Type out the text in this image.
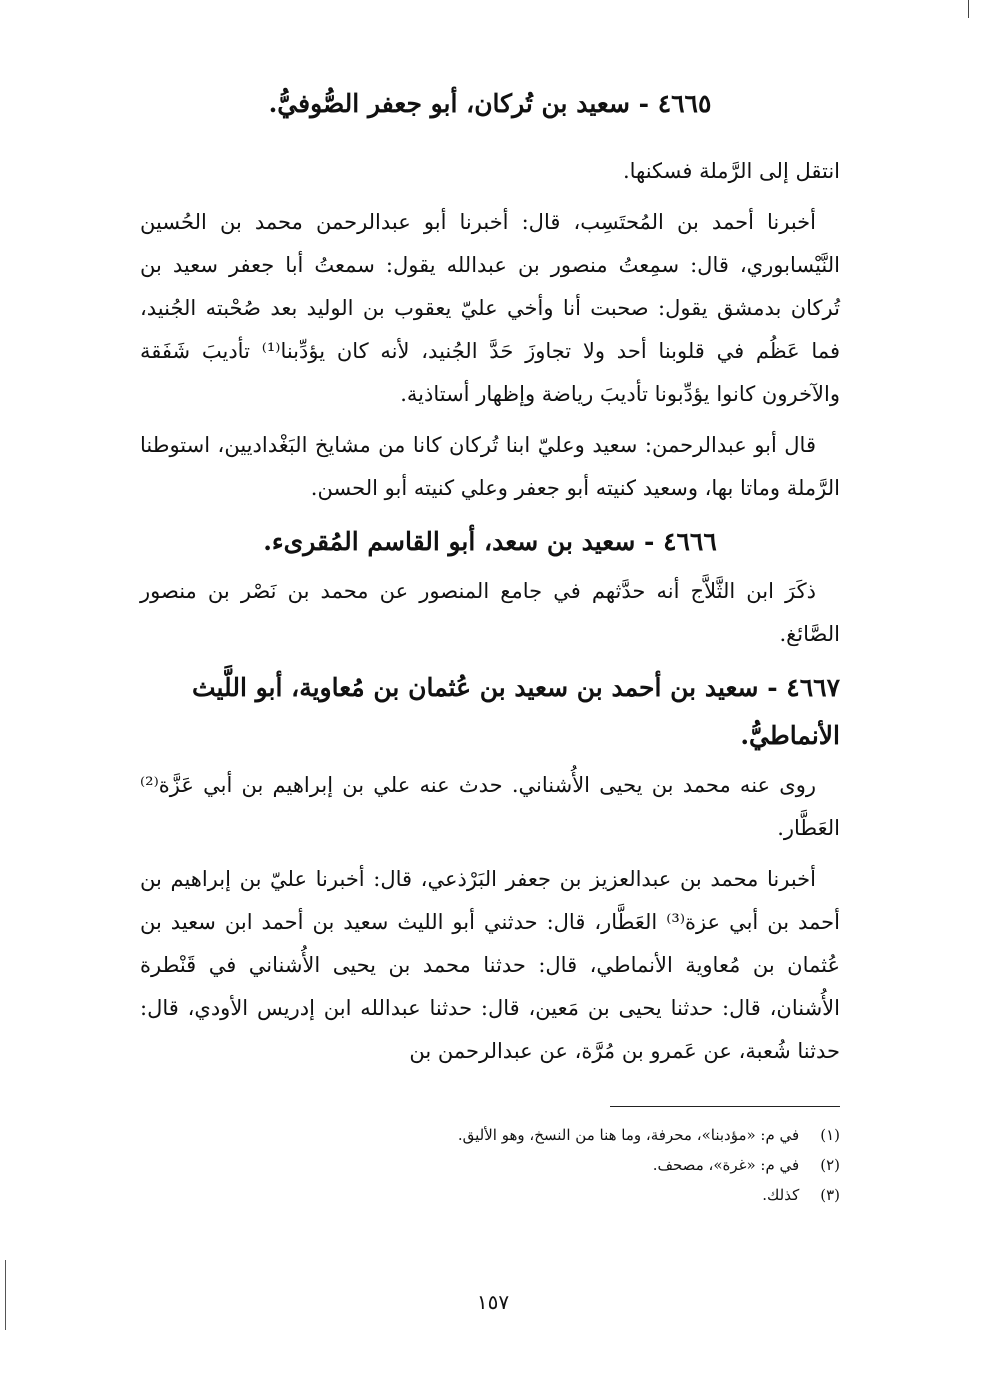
٤٦٦٥ - سعيد بن تُركان، أبو جعفر الصُّوفيُّ.

انتقل إلى الرَّملة فسكنها.

أخبرنا أحمد بن المُحتَسِب، قال: أخبرنا أبو عبدالرحمن محمد بن الحُسين النَّيْسابوري، قال: سمِعتُ منصور بن عبدالله يقول: سمعتُ أبا جعفر سعيد بن تُركان بدمشق يقول: صحبت أنا وأخي عليّ يعقوب بن الوليد بعد صُحْبته الجُنيد، فما عَظُم في قلوبنا أحد ولا تجاوزَ حَدَّ الجُنيد، لأنه كان يؤدِّبنا⁽¹⁾ تأديبَ شَفَقة والآخرون كانوا يؤدِّبونا تأديبَ رياضة وإظهار أستاذية.

قال أبو عبدالرحمن: سعيد وعليّ ابنا تُركان كانا من مشايخ البَغْداديين، استوطنا الرَّملة وماتا بها، وسعيد كنيته أبو جعفر وعلي كنيته أبو الحسن.

٤٦٦٦ - سعيد بن سعد، أبو القاسم المُقرىء.

ذكَرَ ابن الثَّلاَّج أنه حدَّثهم في جامع المنصور عن محمد بن نَصْر بن منصور الصَّائغ.

٤٦٦٧ - سعيد بن أحمد بن سعيد بن عُثمان بن مُعاوية، أبو اللَّيث الأنماطيُّ.

روى عنه محمد بن يحيى الأُشناني. حدث عنه علي بن إبراهيم بن أبي عَزَّة⁽²⁾ العَطَّار.

أخبرنا محمد بن عبدالعزيز بن جعفر البَرْذعي، قال: أخبرنا عليّ بن إبراهيم بن أحمد بن أبي عزة⁽³⁾ العَطَّار، قال: حدثني أبو الليث سعيد بن أحمد ابن سعيد بن عُثمان بن مُعاوية الأنماطي، قال: حدثنا محمد بن يحيى الأُشناني في قَنْطرة الأُشنان، قال: حدثنا يحيى بن مَعين، قال: حدثنا عبدالله ابن إدريس الأودي، قال: حدثنا شُعبة، عن عَمرو بن مُرَّة، عن عبدالرحمن بن

(١) في م: «مؤدبنا»، محرفة، وما هنا من النسخ، وهو الأليق.
(٢) في م: «غرة»، مصحف.
(٣) كذلك.
١٥٧
